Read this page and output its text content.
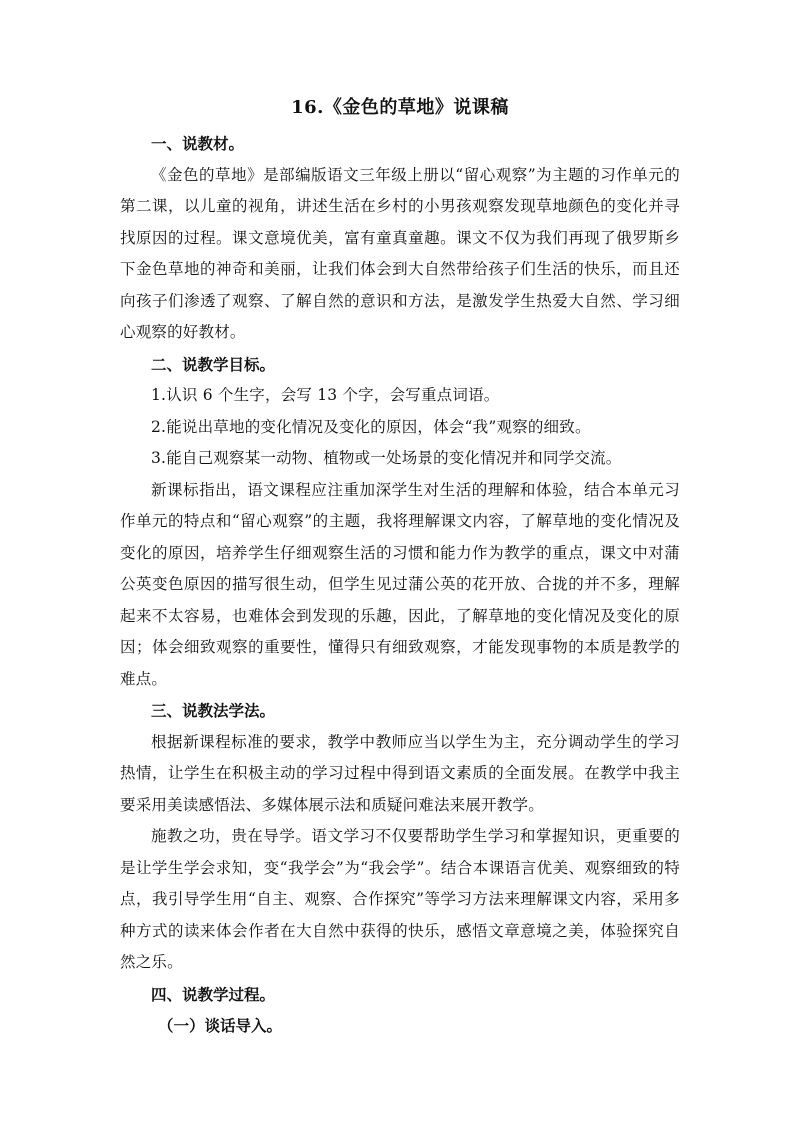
16.《金色的草地》说课稿

一、说教材。

《金色的草地》是部编版语文三年级上册以“留心观察”为主题的习作单元的第二课，以儿童的视角，讲述生活在乡村的小男孩观察发现草地颜色的变化并寻找原因的过程。课文意境优美，富有童真童趣。课文不仅为我们再现了俄罗斯乡下金色草地的神奇和美丽，让我们体会到大自然带给孩子们生活的快乐，而且还向孩子们渗透了观察、了解自然的意识和方法，是激发学生热爱大自然、学习细心观察的好教材。

二、说教学目标。

1.认识 6 个生字，会写 13 个字，会写重点词语。

2.能说出草地的变化情况及变化的原因，体会“我”观察的细致。

3.能自己观察某一动物、植物或一处场景的变化情况并和同学交流。

新课标指出，语文课程应注重加深学生对生活的理解和体验，结合本单元习作单元的特点和“留心观察”的主题，我将理解课文内容，了解草地的变化情况及变化的原因，培养学生仔细观察生活的习惯和能力作为教学的重点，课文中对蒲公英变色原因的描写很生动，但学生见过蒲公英的花开放、合拢的并不多，理解起来不太容易，也难体会到发现的乐趣，因此，了解草地的变化情况及变化的原因；体会细致观察的重要性，懂得只有细致观察，才能发现事物的本质是教学的难点。

三、说教法学法。

根据新课程标准的要求，教学中教师应当以学生为主，充分调动学生的学习热情，让学生在积极主动的学习过程中得到语文素质的全面发展。在教学中我主要采用美读感悟法、多媒体展示法和质疑问难法来展开教学。

施教之功，贵在导学。语文学习不仅要帮助学生学习和掌握知识，更重要的是让学生学会求知，变“我学会”为“我会学”。结合本课语言优美、观察细致的特点，我引导学生用“自主、观察、合作探究”等学习方法来理解课文内容，采用多种方式的读来体会作者在大自然中获得的快乐，感悟文章意境之美，体验探究自然之乐。

四、说教学过程。

（一）谈话导入。
